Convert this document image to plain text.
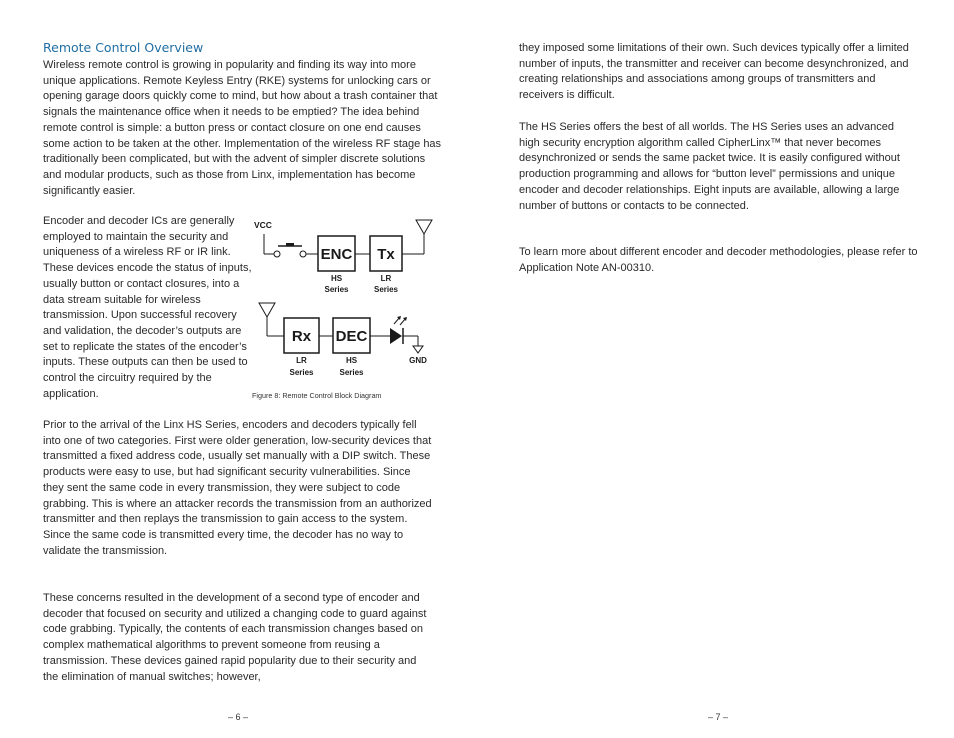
Remote Control Overview

Wireless remote control is growing in popularity and finding its way into more unique applications. Remote Keyless Entry (RKE) systems for unlocking cars or opening garage doors quickly come to mind, but how about a trash container that signals the maintenance office when it needs to be emptied? The idea behind remote control is simple: a button press or contact closure on one end causes some action to be taken at the other. Implementation of the wireless RF stage has traditionally been complicated, but with the advent of simpler discrete solutions and modular products, such as those from Linx, implementation has become significantly easier.

Encoder and decoder ICs are generally employed to maintain the security and uniqueness of a wireless RF or IR link. These devices encode the status of inputs, usually button or contact closures, into a data stream suitable for wireless transmission. Upon successful recovery and validation, the decoder’s outputs are set to replicate the states of the encoder’s inputs. These outputs can then be used to control the circuitry required by the application.

VCC
ENC
HS
Series
Tx
LR
Series
Rx
LR
Series
DEC
HS
Series
GND
Figure 8: Remote Control Block Diagram

Prior to the arrival of the Linx HS Series, encoders and decoders typically fell into one of two categories. First were older generation, low-security devices that transmitted a fixed address code, usually set manually with a DIP switch. These products were easy to use, but had significant security vulnerabilities. Since they sent the same code in every transmission, they were subject to code grabbing. This is where an attacker records the transmission from an authorized transmitter and then replays the transmission to gain access to the system. Since the same code is transmitted every time, the decoder has no way to validate the transmission.

These concerns resulted in the development of a second type of encoder and decoder that focused on security and utilized a changing code to guard against code grabbing. Typically, the contents of each transmission changes based on complex mathematical algorithms to prevent someone from reusing a transmission. These devices gained rapid popularity due to their security and the elimination of manual switches; however,

– 6 –

they imposed some limitations of their own. Such devices typically offer a limited number of inputs, the transmitter and receiver can become desynchronized, and creating relationships and associations among groups of transmitters and receivers is difficult.

The HS Series offers the best of all worlds. The HS Series uses an advanced high security encryption algorithm called CipherLinx™ that never becomes desynchronized or sends the same packet twice. It is easily configured without production programming and allows for “button level” permissions and unique encoder and decoder relationships. Eight inputs are available, allowing a large number of buttons or contacts to be connected.

To learn more about different encoder and decoder methodologies, please refer to Application Note AN-00310.

– 7 –
